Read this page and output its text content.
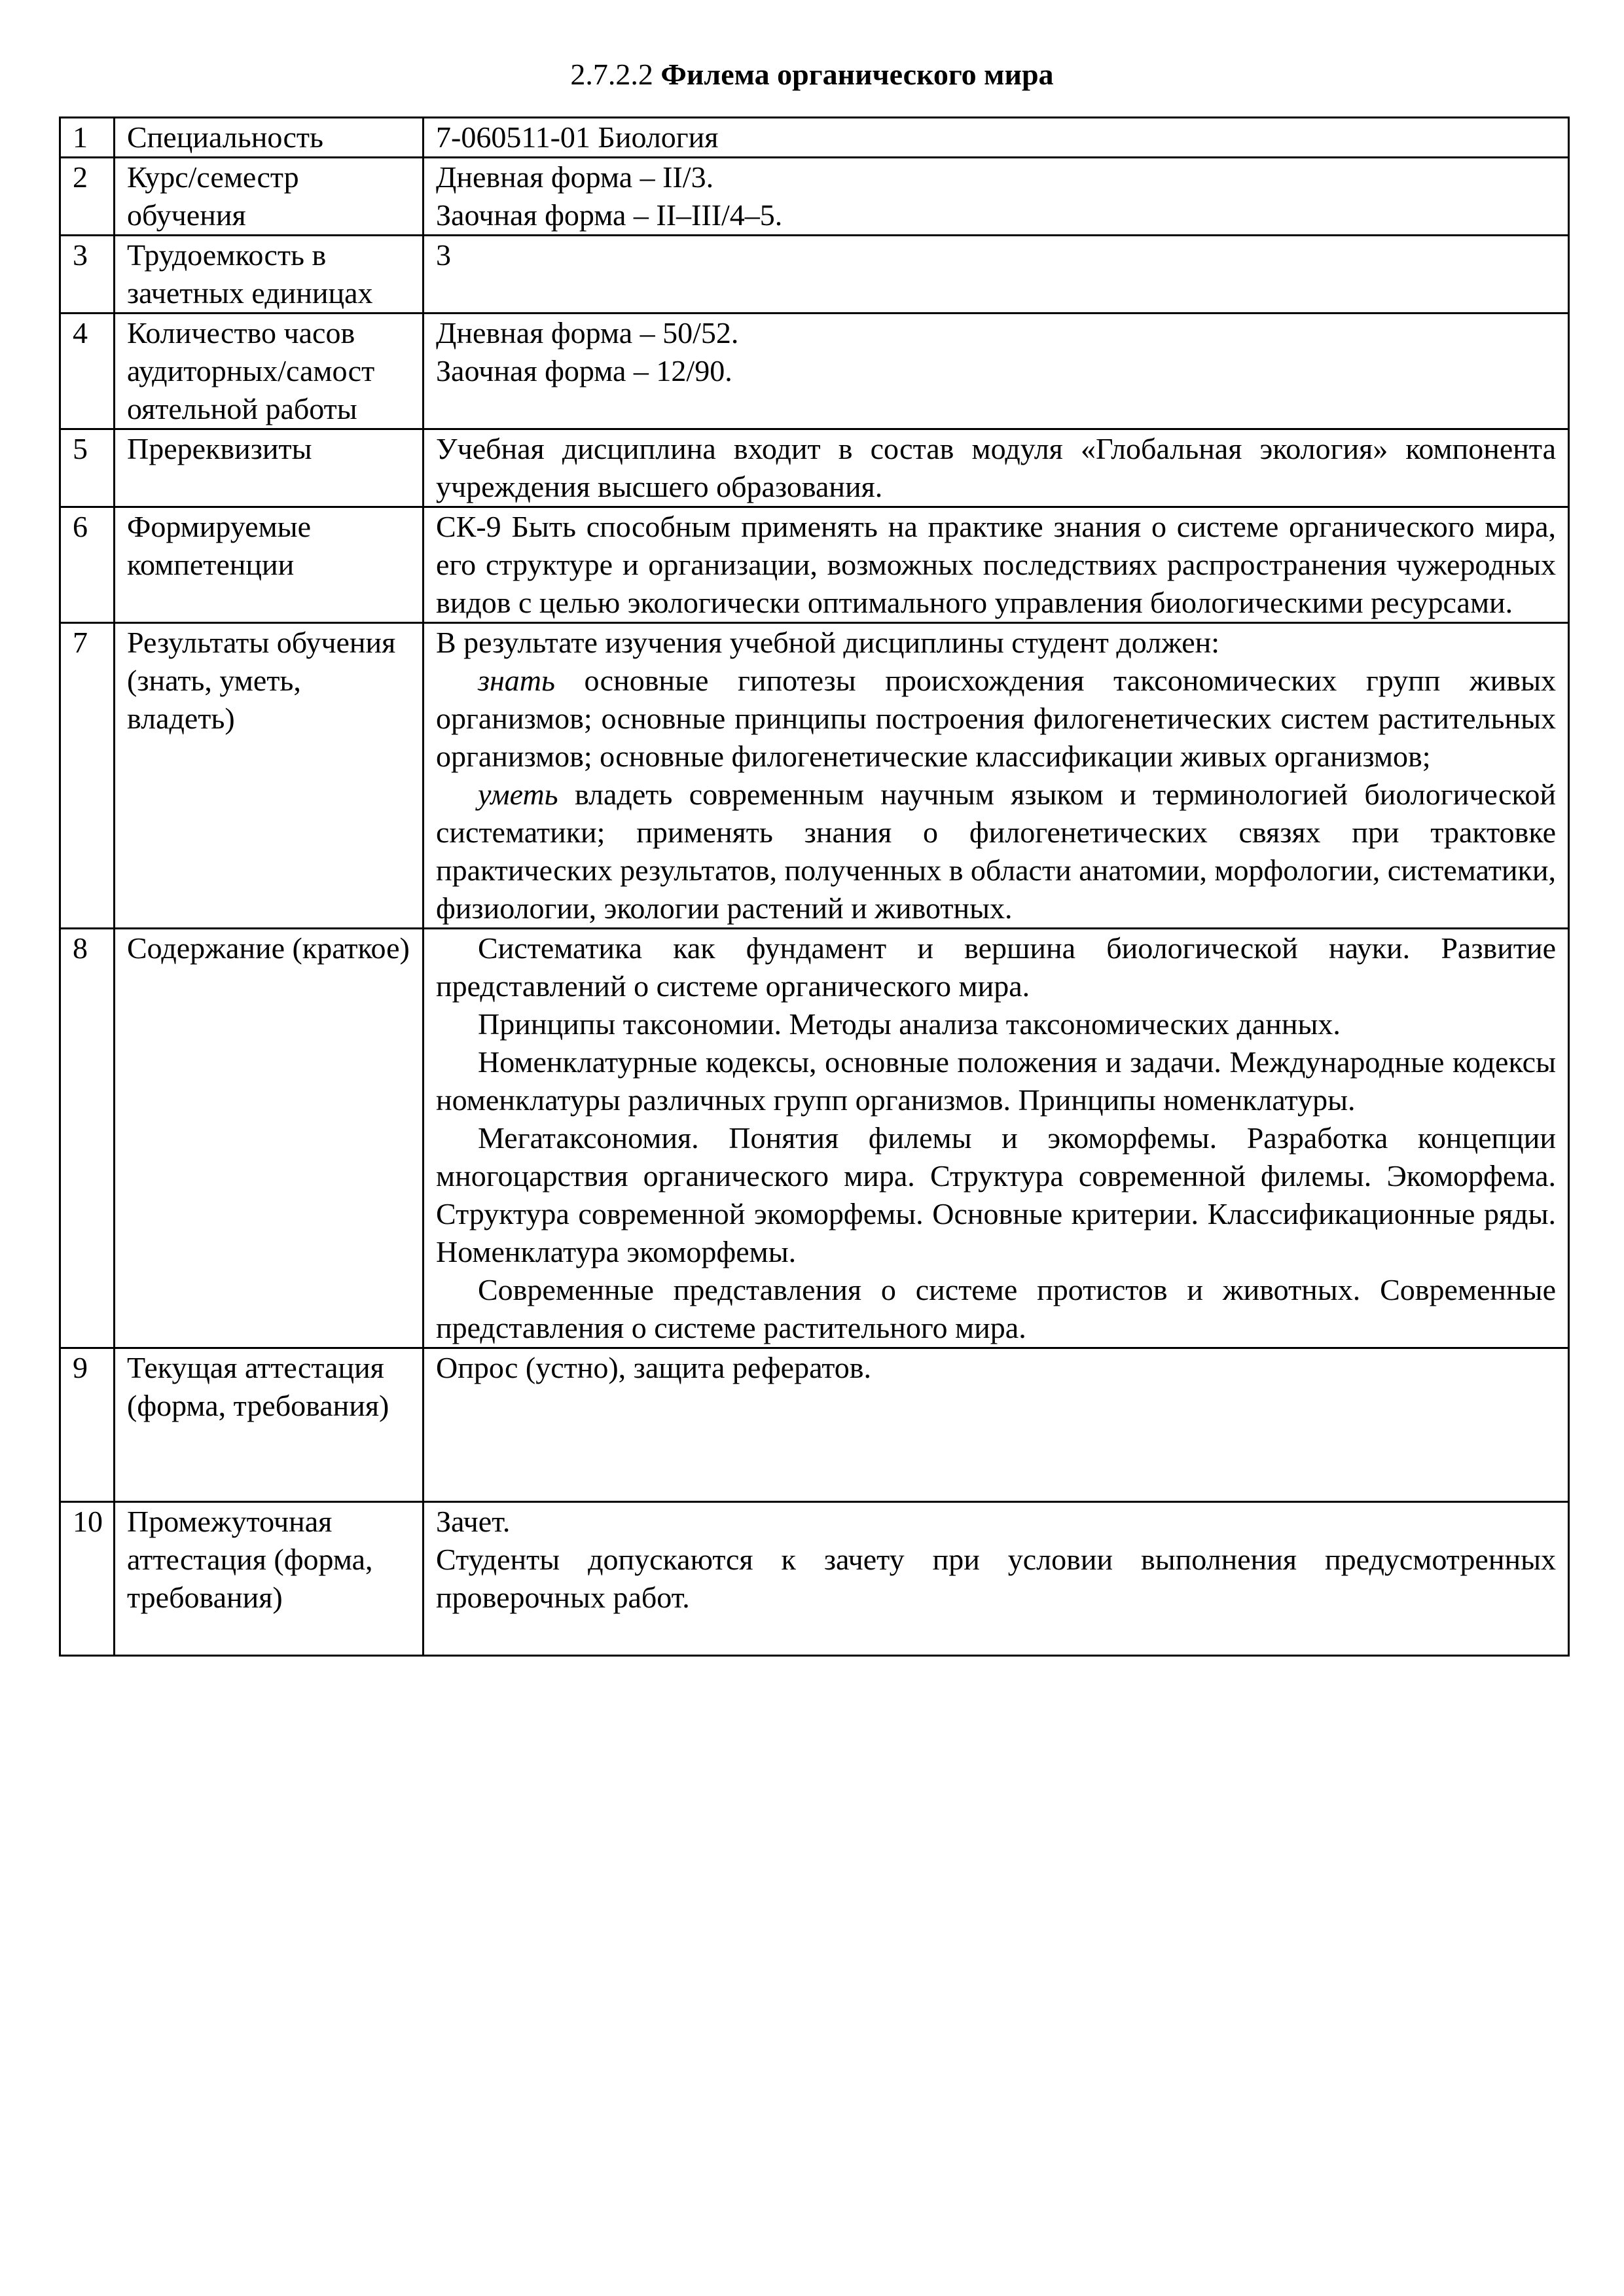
2.7.2.2 Филема органического мира
1	Специальность	7-060511-01 Биология

2	Курс/семестр обучения	Дневная форма – II/3.

Заочная форма – II–III/4–5.

3	Трудоемкость в зачетных единицах	3

4	Количество часов аудиторных/самост оятельной работы	Дневная форма – 50/52.

Заочная форма – 12/90.

5	Пререквизиты	Учебная дисциплина входит в состав модуля «Глобальная экология» компонента учреждения высшего образования.

6	Формируемые компетенции	СК-9 Быть способным применять на практике знания о системе органического мира, его структуре и организации, возможных последствиях распространения чужеродных видов с целью экологически оптимального управления биологическими ресурсами.

7	Результаты обучения (знать, уметь, владеть)	В результате изучения учебной дисциплины студент должен:

знать основные гипотезы происхождения таксономических групп живых организмов; основные принципы построения филогенетических систем растительных организмов; основные филогенетические классификации живых организмов;

уметь владеть современным научным языком и терминологией биологической систематики; применять знания о филогенетических связях при трактовке практических результатов, полученных в области анатомии, морфологии, систематики, физиологии, экологии растений и животных.

8	Содержание (краткое)	Систематика как фундамент и вершина биологической науки. Развитие представлений о системе органического мира.

Принципы таксономии. Методы анализа таксономических данных.

Номенклатурные кодексы, основные положения и задачи. Международные кодексы номенклатуры различных групп организмов. Принципы номенклатуры.

Мегатаксономия. Понятия филемы и экоморфемы. Разработка концепции многоцарствия органического мира. Структура современной филемы. Экоморфема. Структура современной экоморфемы. Основные критерии. Классификационные ряды. Номенклатура экоморфемы.

Современные представления о системе протистов и животных. Современные представления о системе растительного мира.

9	Текущая аттестация (форма, требования)	Опрос (устно), защита рефератов.

10	Промежуточная аттестация (форма, требования)	Зачет.

Студенты допускаются к зачету при условии выполнения предусмотренных проверочных работ.
